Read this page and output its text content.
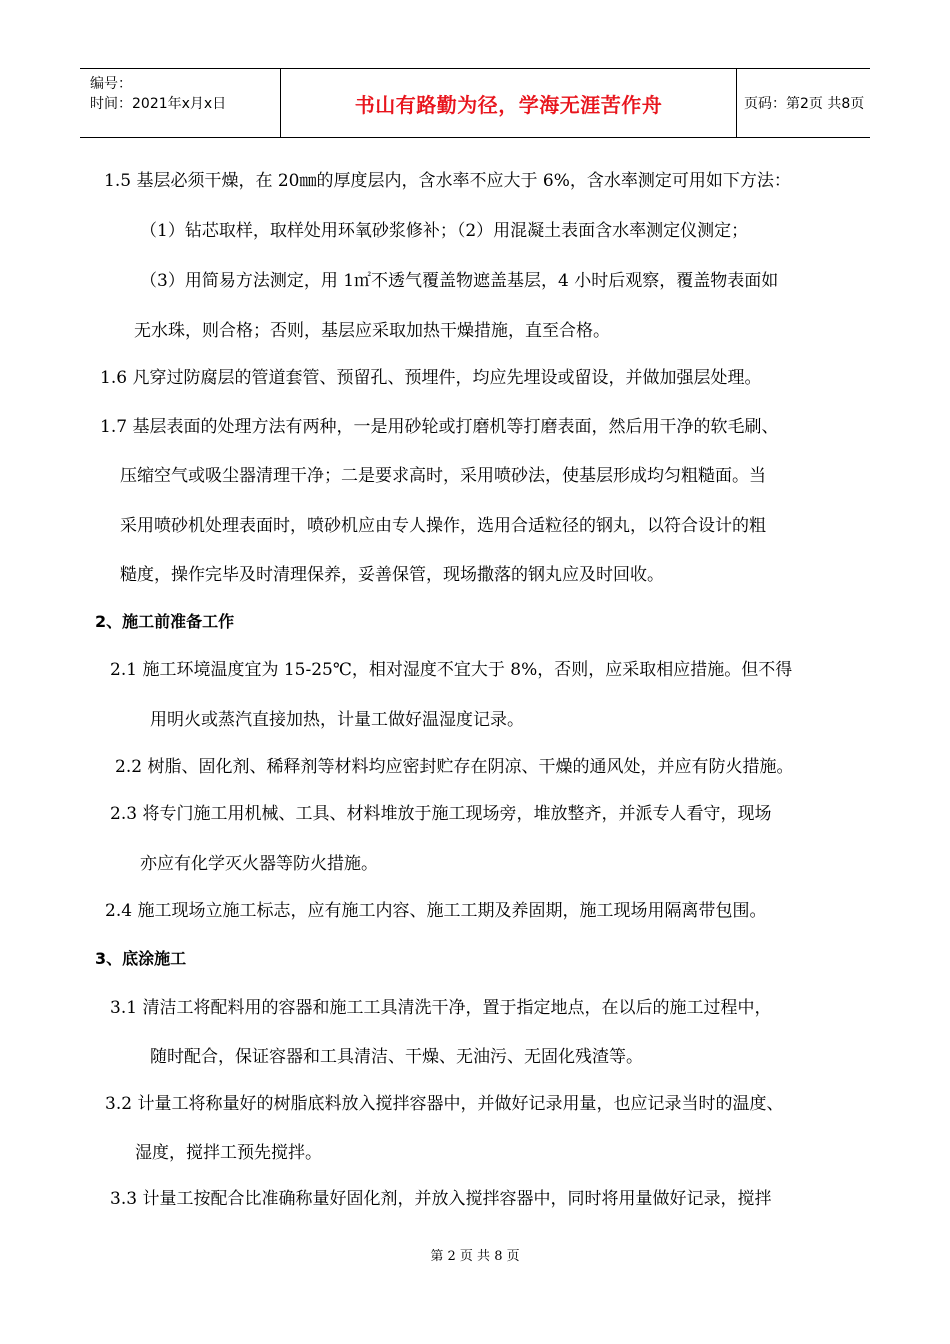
编号：
时间：2021年x月x日	书山有路勤为径，学海无涯苦作舟	页码：第2页 共8页
1.5 基层必须干燥，在 20㎜的厚度层内，含水率不应大于 6%，含水率测定可用如下方法：
（1）钻芯取样，取样处用环氧砂浆修补；（2）用混凝土表面含水率测定仪测定；
（3）用简易方法测定，用 1㎡不透气覆盖物遮盖基层，4 小时后观察，覆盖物表面如
无水珠，则合格；否则，基层应采取加热干燥措施，直至合格。
1.6 凡穿过防腐层的管道套管、预留孔、预埋件，均应先埋设或留设，并做加强层处理。
1.7 基层表面的处理方法有两种，一是用砂轮或打磨机等打磨表面，然后用干净的软毛刷、
压缩空气或吸尘器清理干净；二是要求高时，采用喷砂法，使基层形成均匀粗糙面。当
采用喷砂机处理表面时，喷砂机应由专人操作，选用合适粒径的钢丸，以符合设计的粗
糙度，操作完毕及时清理保养，妥善保管，现场撒落的钢丸应及时回收。
2、施工前准备工作
2.1 施工环境温度宜为 15-25℃，相对湿度不宜大于 8%，否则，应采取相应措施。但不得
用明火或蒸汽直接加热，计量工做好温湿度记录。
2.2 树脂、固化剂、稀释剂等材料均应密封贮存在阴凉、干燥的通风处，并应有防火措施。
2.3 将专门施工用机械、工具、材料堆放于施工现场旁，堆放整齐，并派专人看守，现场
亦应有化学灭火器等防火措施。
2.4 施工现场立施工标志，应有施工内容、施工工期及养固期，施工现场用隔离带包围。
3、底涂施工
3.1 清洁工将配料用的容器和施工工具清洗干净，置于指定地点，在以后的施工过程中，
随时配合，保证容器和工具清洁、干燥、无油污、无固化残渣等。
3.2 计量工将称量好的树脂底料放入搅拌容器中，并做好记录用量，也应记录当时的温度、
湿度，搅拌工预先搅拌。
3.3 计量工按配合比准确称量好固化剂，并放入搅拌容器中，同时将用量做好记录，搅拌
第 2 页 共 8 页
